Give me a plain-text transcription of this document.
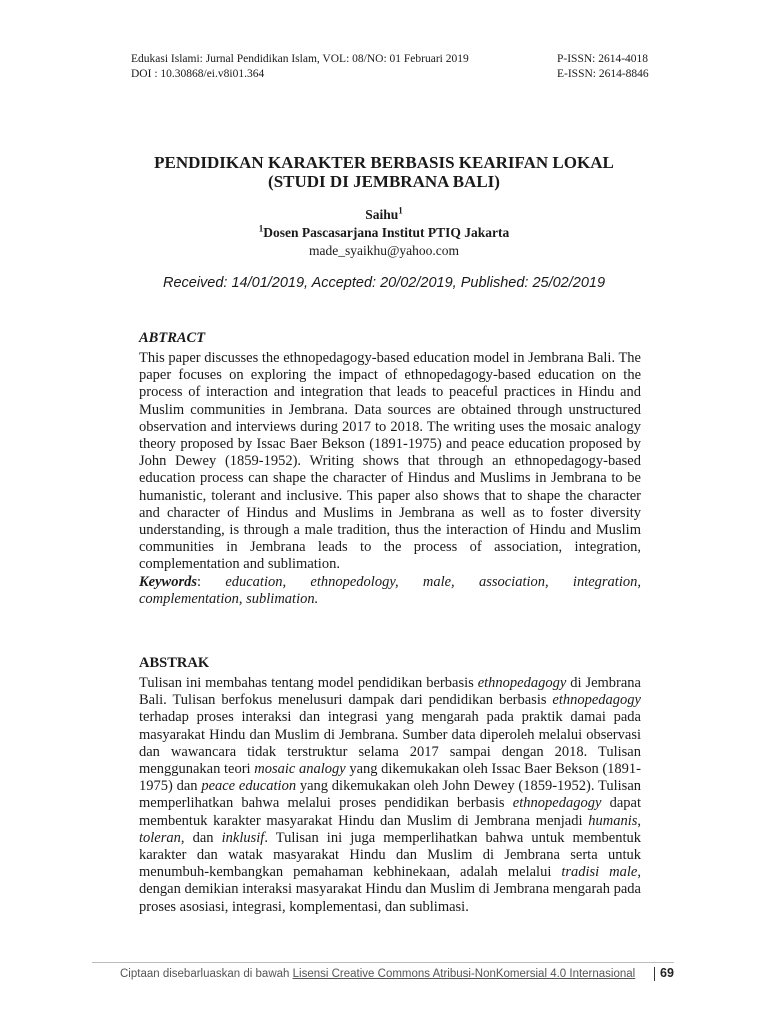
Edukasi Islami: Jurnal Pendidikan Islam, VOL: 08/NO: 01 Februari 2019
DOI : 10.30868/ei.v8i01.364
P-ISSN: 2614-4018
E-ISSN: 2614-8846
PENDIDIKAN KARAKTER BERBASIS KEARIFAN LOKAL
(STUDI DI JEMBRANA BALI)
Saihu$^1$
$^1$Dosen Pascasarjana Institut PTIQ Jakarta
made_syaikhu@yahoo.com
Received: 14/01/2019, Accepted: 20/02/2019, Published: 25/02/2019
ABTRACT

This paper discusses the ethnopedagogy-based education model in Jembrana Bali. The paper focuses on exploring the impact of ethnopedagogy-based education on the process of interaction and integration that leads to peaceful practices in Hindu and Muslim communities in Jembrana. Data sources are obtained through unstructured observation and interviews during 2017 to 2018. The writing uses the mosaic analogy theory proposed by Issac Baer Bekson (1891-1975) and peace education proposed by John Dewey (1859-1952). Writing shows that through an ethnopedagogy-based education process can shape the character of Hindus and Muslims in Jembrana to be humanistic, tolerant and inclusive. This paper also shows that to shape the character and character of Hindus and Muslims in Jembrana as well as to foster diversity understanding, is through a male tradition, thus the interaction of Hindu and Muslim communities in Jembrana leads to the process of association, integration, complementation and sublimation.

Keywords: education, ethnopedology, male, association, integration, complementation, sublimation.

ABSTRAK

Tulisan ini membahas tentang model pendidikan berbasis ethnopedagogy di Jembrana Bali. Tulisan berfokus menelusuri dampak dari pendidikan berbasis ethnopedagogy terhadap proses interaksi dan integrasi yang mengarah pada praktik damai pada masyarakat Hindu dan Muslim di Jembrana. Sumber data diperoleh melalui observasi dan wawancara tidak terstruktur selama 2017 sampai dengan 2018. Tulisan menggunakan teori mosaic analogy yang dikemukakan oleh Issac Baer Bekson (1891-1975) dan peace education yang dikemukakan oleh John Dewey (1859-1952). Tulisan memperlihatkan bahwa melalui proses pendidikan berbasis ethnopedagogy dapat membentuk karakter masyarakat Hindu dan Muslim di Jembrana menjadi humanis, toleran, dan inklusif. Tulisan ini juga memperlihatkan bahwa untuk membentuk karakter dan watak masyarakat Hindu dan Muslim di Jembrana serta untuk menumbuh-kembangkan pemahaman kebhinekaan, adalah melalui tradisi male, dengan demikian interaksi masyarakat Hindu dan Muslim di Jembrana mengarah pada proses asosiasi, integrasi, komplementasi, dan sublimasi.

Ciptaan disebarluaskan di bawah Lisensi Creative Commons Atribusi-NonKomersial 4.0 Internasional	69
